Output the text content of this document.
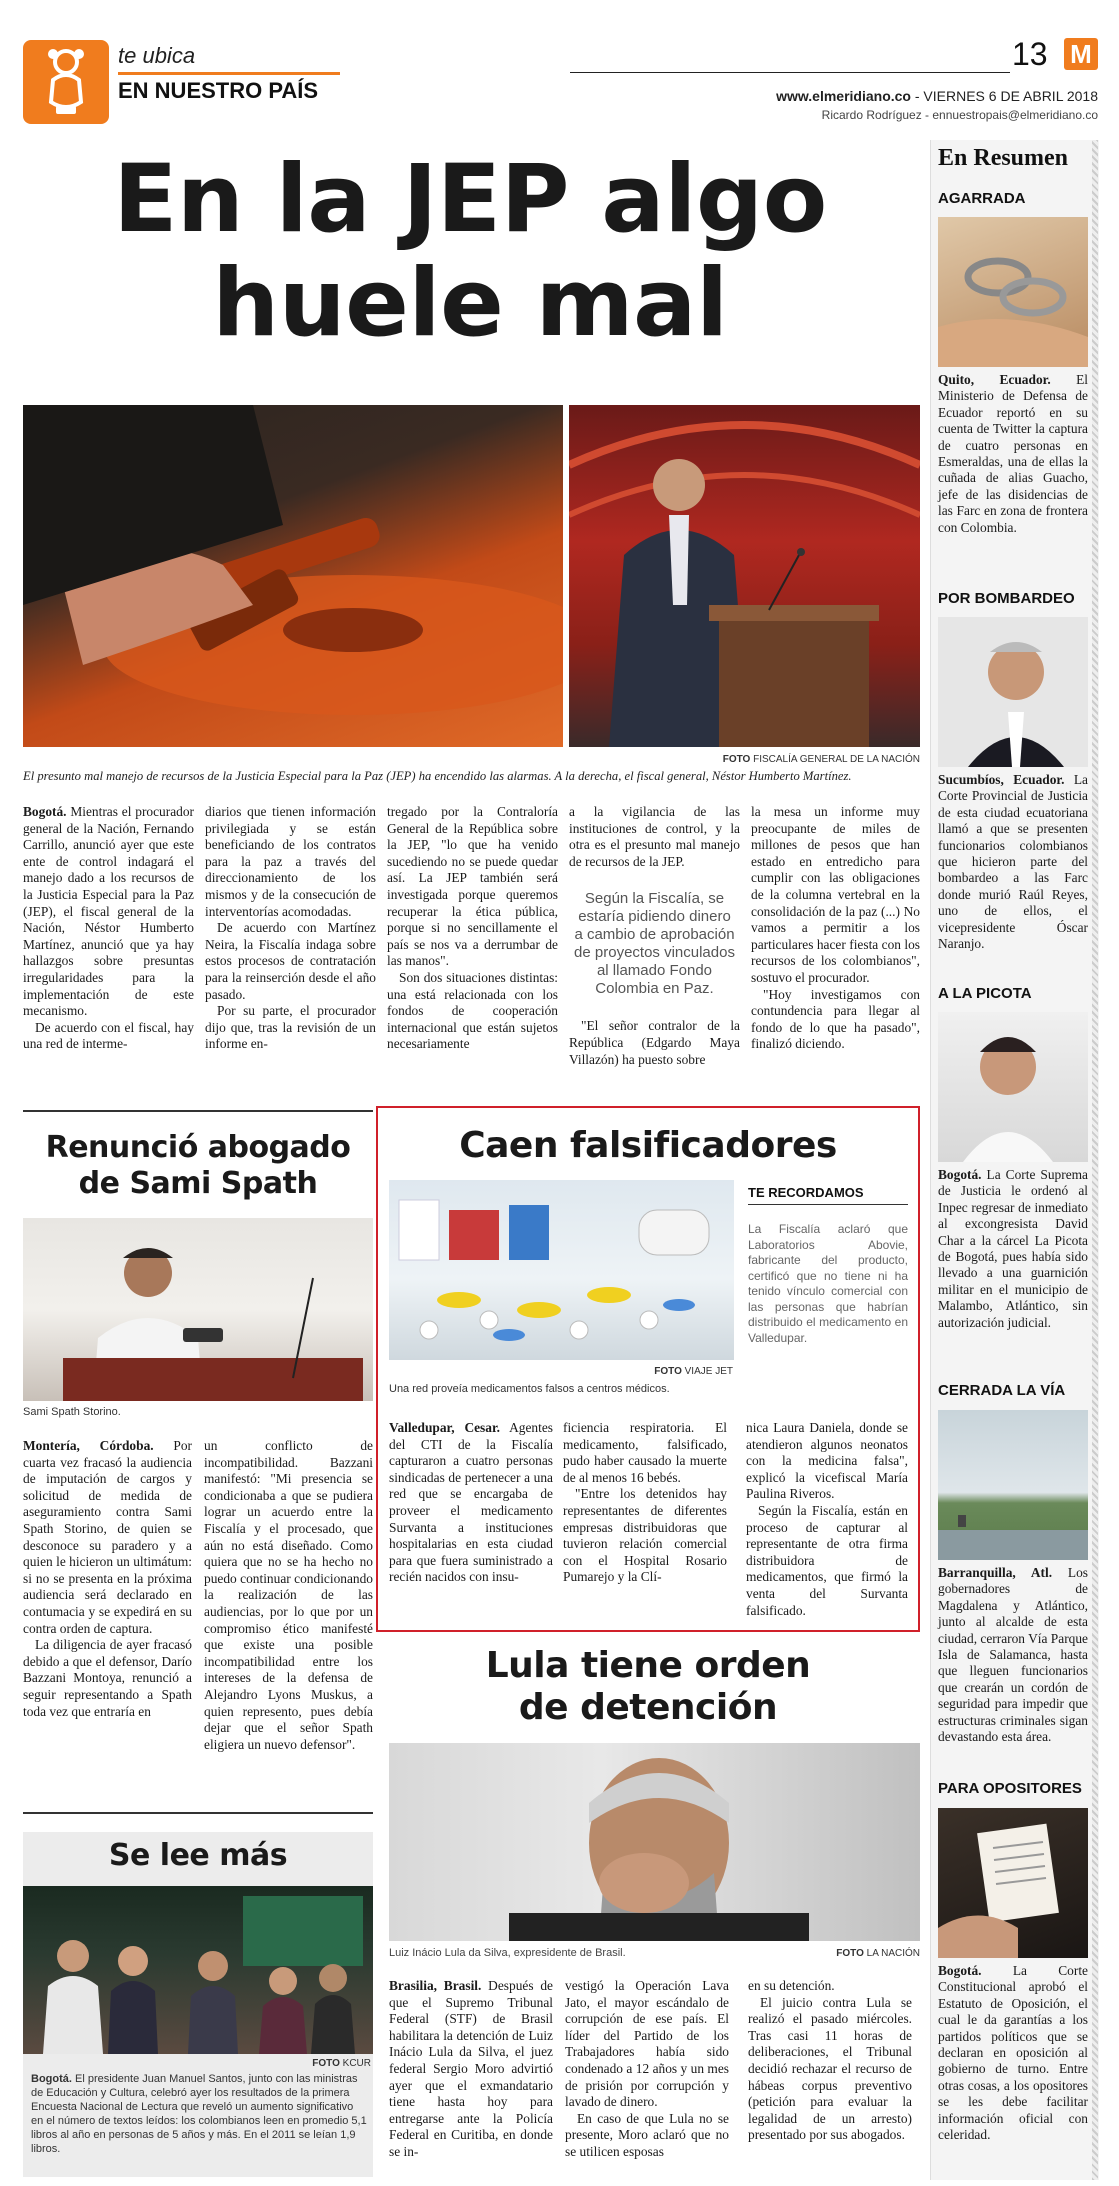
te ubica
EN NUESTRO PAÍS
13 M
www.elmeridiano.co - VIERNES 6 DE ABRIL 2018
Ricardo Rodríguez - ennuestropais@elmeridiano.co
En la JEP algo
huele mal
FOTO FISCALÍA GENERAL DE LA NACIÓN
El presunto mal manejo de recursos de la Justicia Especial para la Paz (JEP) ha encendido las alarmas. A la derecha, el fiscal general, Néstor Humberto Martínez.

Bogotá. Mientras el procurador general de la Nación, Fernando Carrillo, anunció ayer que este ente de control indagará el manejo dado a los recursos de la Justicia Especial para la Paz (JEP), el fiscal general de la Nación, Néstor Humberto Martínez, anunció que ya hay hallazgos sobre presuntas irregularidades para la implementación de este mecanismo.

De acuerdo con el fiscal, hay una red de interme-

diarios que tienen información privilegiada y se están beneficiando de los contratos para la paz a través del direccionamiento de los mismos y de la consecución de interventorías acomodadas.

De acuerdo con Martínez Neira, la Fiscalía indaga sobre estos procesos de contratación para la reinserción desde el año pasado.

Por su parte, el procurador dijo que, tras la revisión de un informe en-

tregado por la Contraloría General de la República sobre la JEP, "lo que ha venido sucediendo no se puede quedar así. La JEP también será investigada porque queremos recuperar la ética pública, porque si no sencillamente el país se nos va a derrumbar de las manos".

Son dos situaciones distintas: una está relacionada con los fondos de cooperación internacional que están sujetos necesariamente

a la vigilancia de las instituciones de control, y la otra es el presunto mal manejo de recursos de la JEP.

Según la Fiscalía, se estaría pidiendo dinero a cambio de aprobación de proyectos vinculados al llamado Fondo Colombia en Paz.

"El señor contralor de la República (Edgardo Maya Villazón) ha puesto sobre

la mesa un informe muy preocupante de miles de millones de pesos que han estado en entredicho para cumplir con las obligaciones de la columna vertebral en la consolidación de la paz (...) No vamos a permitir a los particulares hacer fiesta con los recursos de los colombianos", sostuvo el procurador.

"Hoy investigamos con contundencia para llegar al fondo de lo que ha pasado", finalizó diciendo.

Renunció abogado de Sami Spath
Sami Spath Storino.

Montería, Córdoba. Por cuarta vez fracasó la audiencia de imputación de cargos y solicitud de medida de aseguramiento contra Sami Spath Storino, de quien se desconoce su paradero y a quien le hicieron un ultimátum: si no se presenta en la próxima audiencia será declarado en contumacia y se expedirá en su contra orden de captura.

La diligencia de ayer fracasó debido a que el defensor, Darío Bazzani Montoya, renunció a seguir representando a Spath toda vez que entraría en

un conflicto de incompatibilidad. Bazzani manifestó: "Mi presencia se condicionaba a que se pudiera lograr un acuerdo entre la Fiscalía y el procesado, que aún no está diseñado. Como quiera que no se ha hecho no puedo continuar condicionando la realización de las audiencias, por lo que por un compromiso ético manifesté que existe una posible incompatibilidad entre los intereses de la defensa de Alejandro Lyons Muskus, a quien represento, pues debía dejar que el señor Spath eligiera un nuevo defensor".

Se lee más
FOTO KCUR
Bogotá. El presidente Juan Manuel Santos, junto con las ministras de Educación y Cultura, celebró ayer los resultados de la primera Encuesta Nacional de Lectura que reveló un aumento significativo en el número de textos leídos: los colombianos leen en promedio 5,1 libros al año en personas de 5 años y más. En el 2011 se leían 1,9 libros.
Caen falsificadores
FOTO VIAJE JET
Una red proveía medicamentos falsos a centros médicos.
TE RECORDAMOS
La Fiscalía aclaró que Laboratorios Abovie, fabricante del producto, certificó que no tiene ni ha tenido vínculo comercial con las personas que habrían distribuido el medicamento en Valledupar.

Valledupar, Cesar. Agentes del CTI de la Fiscalía capturaron a cuatro personas sindicadas de pertenecer a una red que se encargaba de proveer el medicamento Survanta a instituciones hospitalarias en esta ciudad para que fuera suministrado a recién nacidos con insu-

ficiencia respiratoria. El medicamento, falsificado, pudo haber causado la muerte de al menos 16 bebés.

"Entre los detenidos hay representantes de diferentes empresas distribuidoras que tuvieron relación comercial con el Hospital Rosario Pumarejo y la Clí-

nica Laura Daniela, donde se atendieron algunos neonatos con la medicina falsa", explicó la vicefiscal María Paulina Riveros.

Según la Fiscalía, están en proceso de capturar al representante de otra firma distribuidora de medicamentos, que firmó la venta del Survanta falsificado.

Lula tiene orden
de detención
Luiz Inácio Lula da Silva, expresidente de Brasil.	FOTO LA NACIÓN

Brasilia, Brasil. Después de que el Supremo Tribunal Federal (STF) de Brasil habilitara la detención de Luiz Inácio Lula da Silva, el juez federal Sergio Moro advirtió ayer que el exmandatario tiene hasta hoy para entregarse ante la Policía Federal en Curitiba, en donde se in-

vestigó la Operación Lava Jato, el mayor escándalo de corrupción de ese país. El líder del Partido de los Trabajadores había sido condenado a 12 años y un mes de prisión por corrupción y lavado de dinero.

En caso de que Lula no se presente, Moro aclaró que no se utilicen esposas

en su detención.

El juicio contra Lula se realizó el pasado miércoles. Tras casi 11 horas de deliberaciones, el Tribunal decidió rechazar el recurso de hábeas corpus preventivo (petición para evaluar la legalidad de un arresto) presentado por sus abogados.

En Resumen
AGARRADA
Quito, Ecuador. El Ministerio de Defensa de Ecuador reportó en su cuenta de Twitter la captura de cuatro personas en Esmeraldas, una de ellas la cuñada de alias Guacho, jefe de las disidencias de las Farc en zona de frontera con Colombia.
POR BOMBARDEO
Sucumbíos, Ecuador. La Corte Provincial de Justicia de esta ciudad ecuatoriana llamó a que se presenten funcionarios colombianos que hicieron parte del bombardeo a las Farc donde murió Raúl Reyes, uno de ellos, el vicepresidente Óscar Naranjo.
A LA PICOTA
Bogotá. La Corte Suprema de Justicia le ordenó al Inpec regresar de inmediato al excongresista David Char a la cárcel La Picota de Bogotá, pues había sido llevado a una guarnición militar en el municipio de Malambo, Atlántico, sin autorización judicial.
CERRADA LA VÍA
Barranquilla, Atl. Los gobernadores de Magdalena y Atlántico, junto al alcalde de esta ciudad, cerraron Vía Parque Isla de Salamanca, hasta que lleguen funcionarios que crearán un cordón de seguridad para impedir que estructuras criminales sigan devastando esta área.
PARA OPOSITORES
Bogotá. La Corte Constitucional aprobó el Estatuto de Oposición, el cual le da garantías a los partidos políticos que se declaran en oposición al gobierno de turno. Entre otras cosas, a los opositores se les debe facilitar información oficial con celeridad.
